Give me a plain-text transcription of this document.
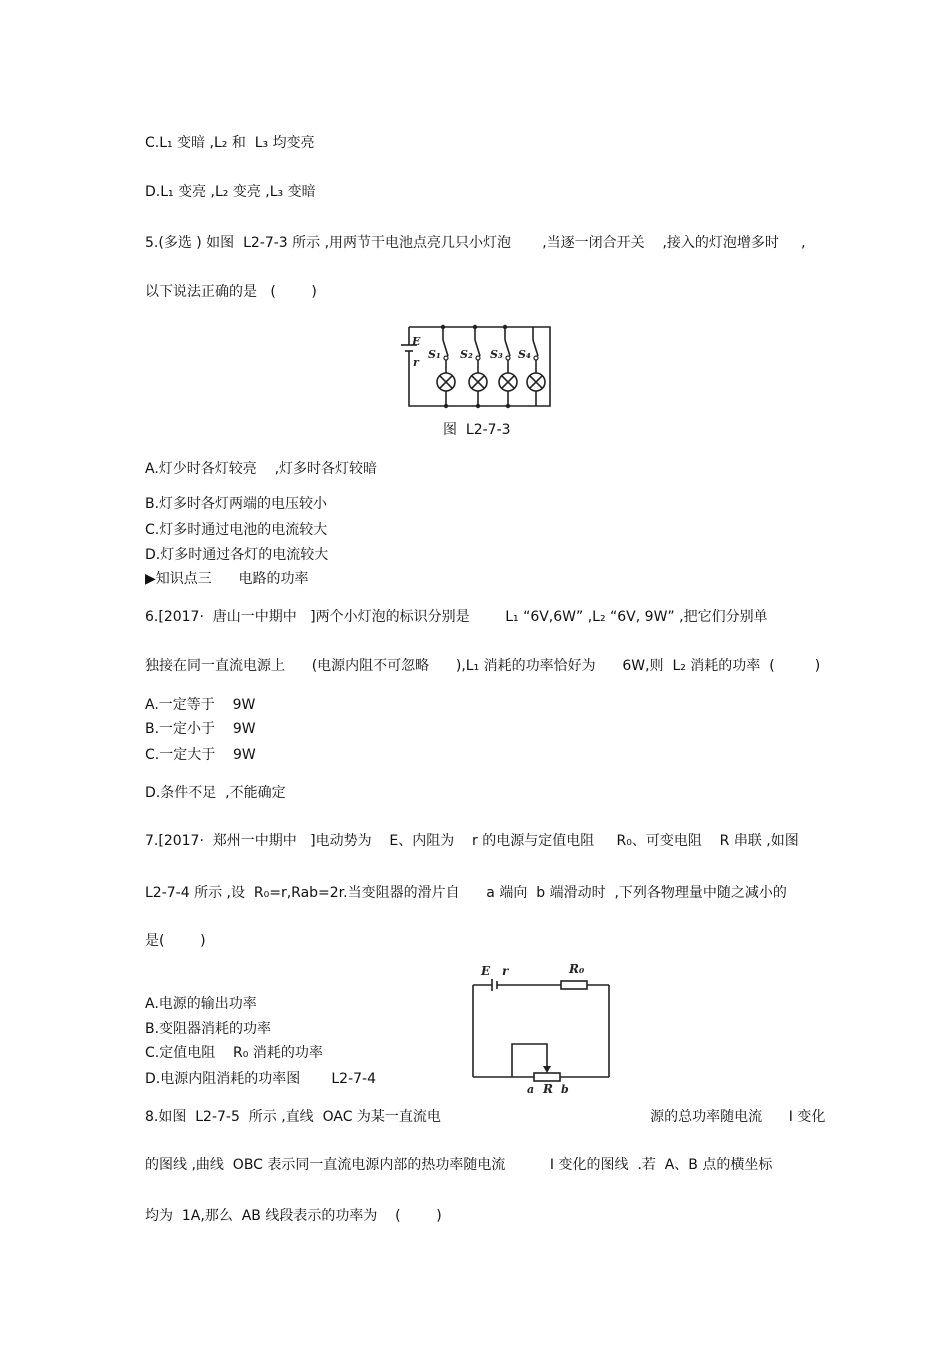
C.L₁ 变暗 ,L₂ 和  L₃ 均变亮
D.L₁ 变亮 ,L₂ 变亮 ,L₃ 变暗
5.(多选 ) 如图  L2-7-3 所示 ,用两节干电池点亮几只小灯泡       ,当逐一闭合开关    ,接入的灯泡增多时     ,
以下说法正确的是   (        )
E
r
S₁ S₂ S₃ S₄
图  L2-7-3
A.灯少时各灯较亮    ,灯多时各灯较暗
B.灯多时各灯两端的电压较小
C.灯多时通过电池的电流较大
D.灯多时通过各灯的电流较大
▶知识点三      电路的功率
6.[2017·  唐山一中期中   ]两个小灯泡的标识分别是        L₁ “6V,6W” ,L₂ “6V, 9W” ,把它们分别单
独接在同一直流电源上      (电源内阻不可忽略      ),L₁ 消耗的功率恰好为      6W,则  L₂ 消耗的功率  (         )
A.一定等于    9W
B.一定小于    9W
C.一定大于    9W
D.条件不足  ,不能确定
7.[2017·  郑州一中期中   ]电动势为    E、内阻为    r 的电源与定值电阻     R₀、可变电阻    R 串联 ,如图
L2-7-4 所示 ,设  R₀=r,Rab=2r.当变阻器的滑片自      a 端向  b 端滑动时  ,下列各物理量中随之减小的
是(        )
E r	R₀
a R b
A.电源的输出功率
B.变阻器消耗的功率
C.定值电阻    R₀ 消耗的功率
D.电源内阻消耗的功率图       L2-7-4
8.如图  L2-7-5  所示 ,直线  OAC 为某一直流电                                               源的总功率随电流      I 变化
的图线 ,曲线  OBC 表示同一直流电源内部的热功率随电流          I 变化的图线  .若  A、B 点的横坐标
均为  1A,那么  AB 线段表示的功率为    (        )
